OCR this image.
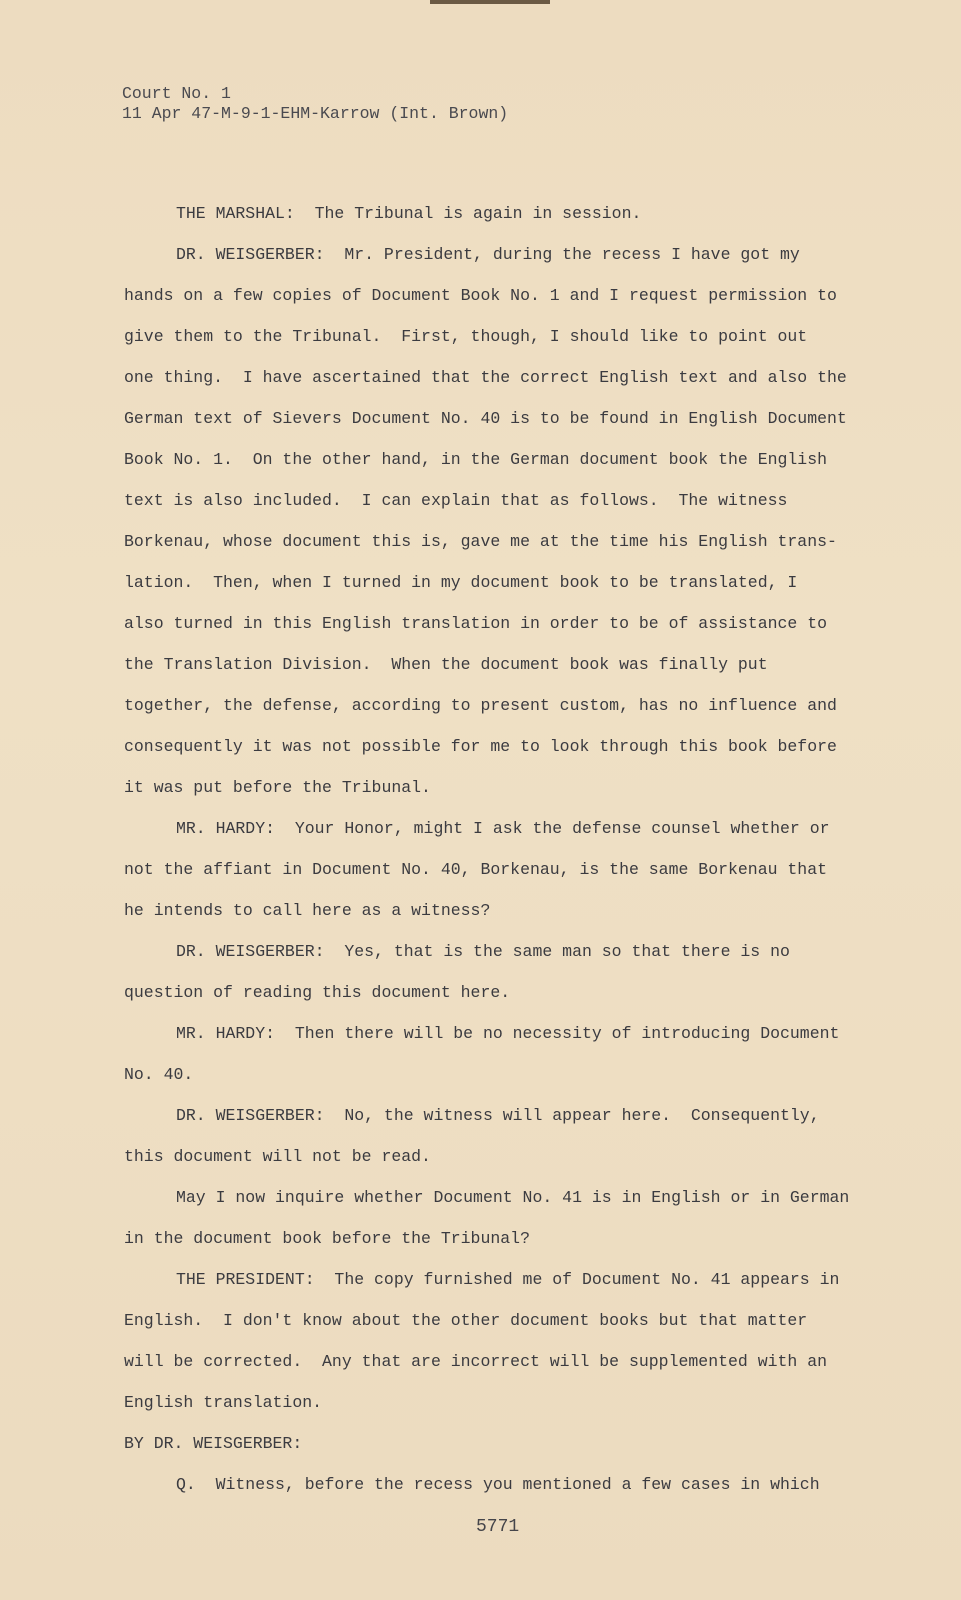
Court No. 1
11 Apr 47-M-9-1-EHM-Karrow (Int. Brown)
THE MARSHAL:  The Tribunal is again in session.
DR. WEISGERBER:  Mr. President, during the recess I have got my
hands on a few copies of Document Book No. 1 and I request permission to
give them to the Tribunal.  First, though, I should like to point out
one thing.  I have ascertained that the correct English text and also the
German text of Sievers Document No. 40 is to be found in English Document
Book No. 1.  On the other hand, in the German document book the English
text is also included.  I can explain that as follows.  The witness
Borkenau, whose document this is, gave me at the time his English trans-
lation.  Then, when I turned in my document book to be translated, I
also turned in this English translation in order to be of assistance to
the Translation Division.  When the document book was finally put
together, the defense, according to present custom, has no influence and
consequently it was not possible for me to look through this book before
it was put before the Tribunal.
MR. HARDY:  Your Honor, might I ask the defense counsel whether or
not the affiant in Document No. 40, Borkenau, is the same Borkenau that
he intends to call here as a witness?
DR. WEISGERBER:  Yes, that is the same man so that there is no
question of reading this document here.
MR. HARDY:  Then there will be no necessity of introducing Document
No. 40.
DR. WEISGERBER:  No, the witness will appear here.  Consequently,
this document will not be read.
May I now inquire whether Document No. 41 is in English or in German
in the document book before the Tribunal?
THE PRESIDENT:  The copy furnished me of Document No. 41 appears in
English.  I don't know about the other document books but that matter
will be corrected.  Any that are incorrect will be supplemented with an
English translation.
BY DR. WEISGERBER:
Q.  Witness, before the recess you mentioned a few cases in which
5771
